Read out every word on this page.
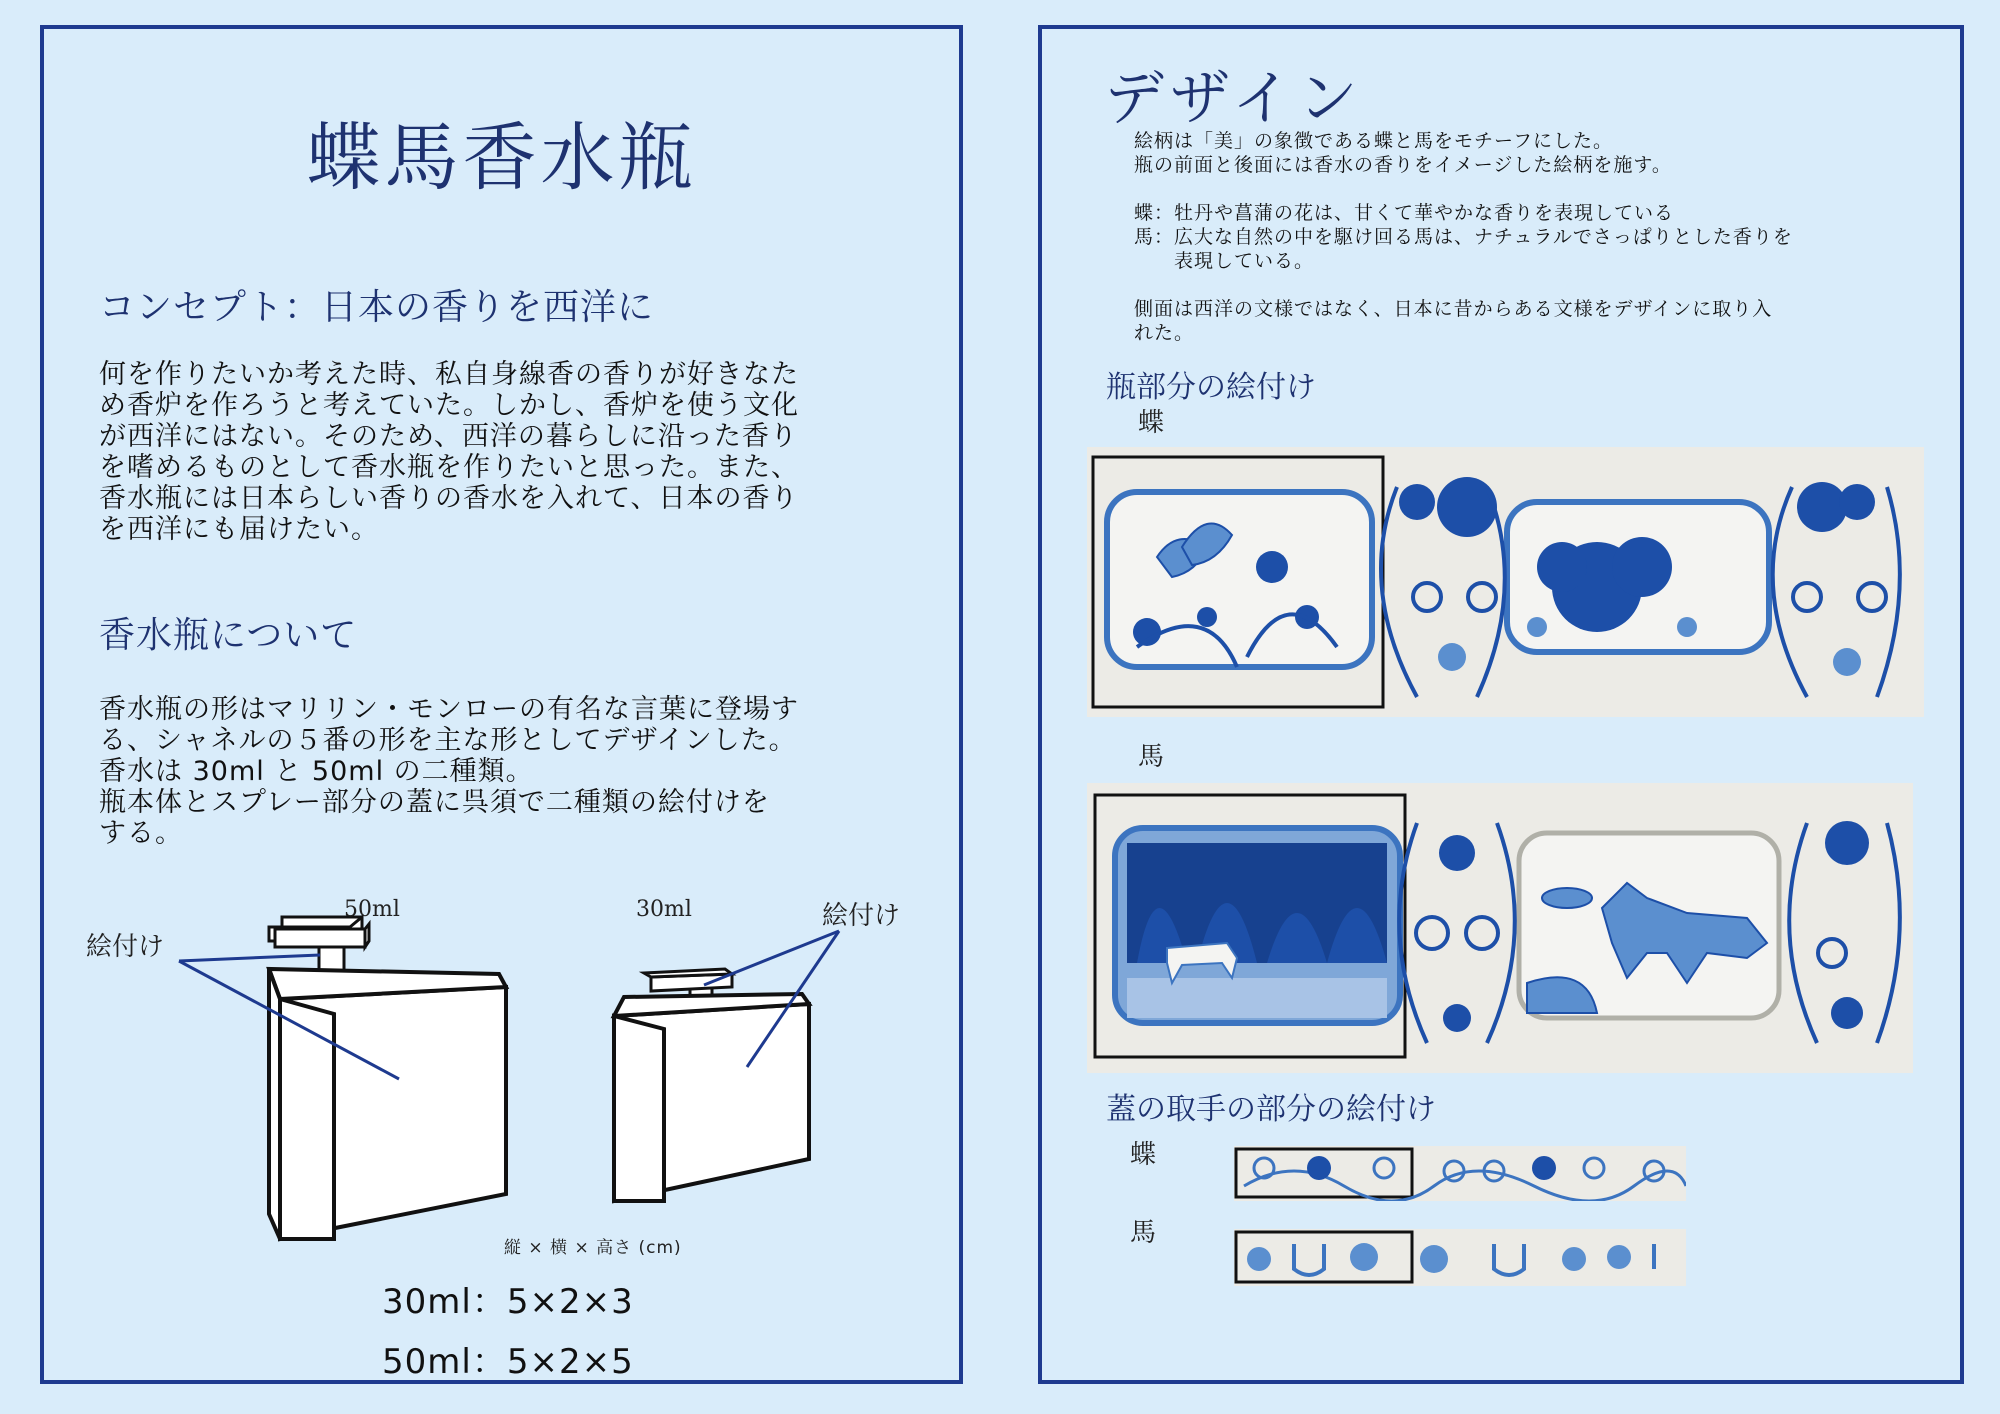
蝶馬香水瓶
コンセプト：日本の香りを西洋に
何を作りたいか考えた時、私自身線香の香りが好きなた
め香炉を作ろうと考えていた。しかし、香炉を使う文化
が西洋にはない。そのため、西洋の暮らしに沿った香り
を嗜めるものとして香水瓶を作りたいと思った。また、
香水瓶には日本らしい香りの香水を入れて、日本の香り
を西洋にも届けたい。
香水瓶について
香水瓶の形はマリリン・モンローの有名な言葉に登場す
る、シャネルの５番の形を主な形としてデザインした。
香水は 30ml と 50ml の二種類。
瓶本体とスプレー部分の蓋に呉須で二種類の絵付けを
する。
50ml	30ml
絵付け
絵付け
縦 × 横 × 高さ (cm)
30ml：5×2×3
50ml：5×2×5
デザイン
絵柄は「美」の象徴である蝶と馬をモチーフにした。
瓶の前面と後面には香水の香りをイメージした絵柄を施す。

蝶：牡丹や菖蒲の花は、甘くて華やかな香りを表現している
馬：広大な自然の中を駆け回る馬は、ナチュラルでさっぱりとした香りを
　　表現している。

側面は西洋の文様ではなく、日本に昔からある文様をデザインに取り入
れた。
瓶部分の絵付け
蝶
馬
蓋の取手の部分の絵付け
蝶
馬
